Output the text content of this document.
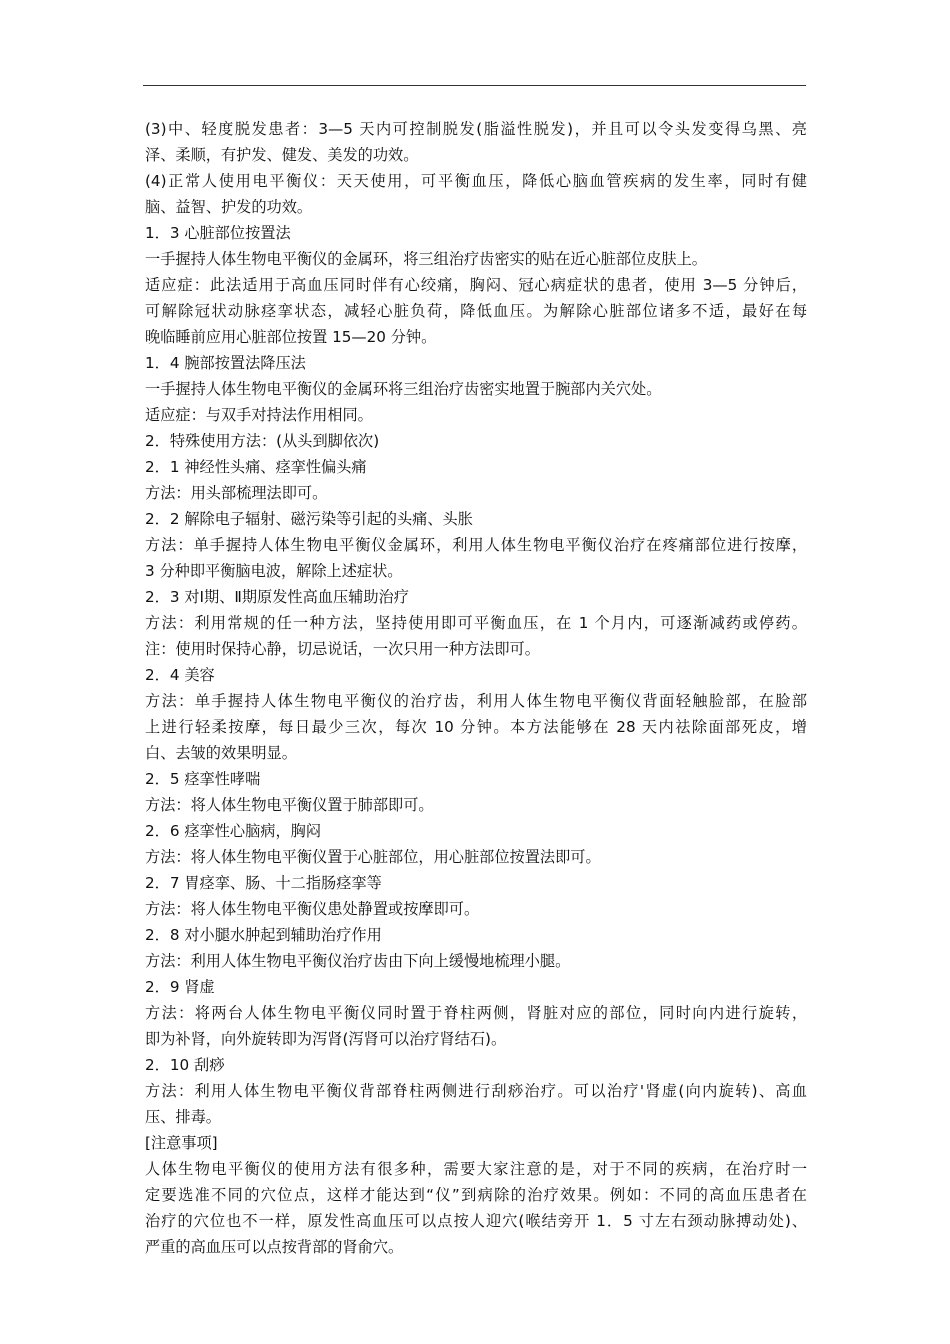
(3)中、轻度脱发患者：3—5 天内可控制脱发(脂溢性脱发)，并且可以令头发变得乌黑、亮
泽、柔顺，有护发、健发、美发的功效。
(4)正常人使用电平衡仪：天天使用，可平衡血压，降低心脑血管疾病的发生率，同时有健
脑、益智、护发的功效。
1．3 心脏部位按置法
一手握持人体生物电平衡仪的金属环，将三组治疗齿密实的贴在近心脏部位皮肤上。
适应症：此法适用于高血压同时伴有心绞痛，胸闷、冠心病症状的患者，使用 3—5 分钟后，
可解除冠状动脉痉挛状态，减轻心脏负荷，降低血压。为解除心脏部位诸多不适，最好在每
晚临睡前应用心脏部位按置 15—20 分钟。
1．4 腕部按置法降压法
一手握持人体生物电平衡仪的金属环将三组治疗齿密实地置于腕部内关穴处。
适应症：与双手对持法作用相同。
2．特殊使用方法：(从头到脚依次)
2．1 神经性头痛、痉挛性偏头痛
方法：用头部梳理法即可。
2．2 解除电子辐射、磁污染等引起的头痛、头胀
方法：单手握持人体生物电平衡仪金属环，利用人体生物电平衡仪治疗在疼痛部位进行按摩，
3 分种即平衡脑电波，解除上述症状。
2．3 对Ⅰ期、Ⅱ期原发性高血压辅助治疗
方法：利用常规的任一种方法，坚持使用即可平衡血压，在 1 个月内，可逐渐减药或停药。
注：使用时保持心静，切忌说话，一次只用一种方法即可。
2．4 美容
方法：单手握持人体生物电平衡仪的治疗齿，利用人体生物电平衡仪背面轻触脸部，在脸部
上进行轻柔按摩，每日最少三次，每次 10 分钟。本方法能够在 28 天内祛除面部死皮，增
白、去皱的效果明显。
2．5 痉挛性哮喘
方法：将人体生物电平衡仪置于肺部即可。
2．6 痉挛性心脑病，胸闷
方法：将人体生物电平衡仪置于心脏部位，用心脏部位按置法即可。
2．7 胃痉挛、肠、十二指肠痉挛等
方法：将人体生物电平衡仪患处静置或按摩即可。
2．8 对小腿水肿起到辅助治疗作用
方法：利用人体生物电平衡仪治疗齿由下向上缓慢地梳理小腿。
2．9 肾虚
方法：将两台人体生物电平衡仪同时置于脊柱两侧，肾脏对应的部位，同时向内进行旋转，
即为补肾，向外旋转即为泻肾(泻肾可以治疗肾结石)。
2．10 刮痧
方法：利用人体生物电平衡仪背部脊柱两侧进行刮痧治疗。可以治疗'肾虚(向内旋转)、高血
压、排毒。
[注意事项]
人体生物电平衡仪的使用方法有很多种，需要大家注意的是，对于不同的疾病，在治疗时一
定要选准不同的穴位点，这样才能达到“仪”到病除的治疗效果。例如：不同的高血压患者在
治疗的穴位也不一样，原发性高血压可以点按人迎穴(喉结旁开 1．5 寸左右颈动脉搏动处)、
严重的高血压可以点按背部的肾俞穴。
